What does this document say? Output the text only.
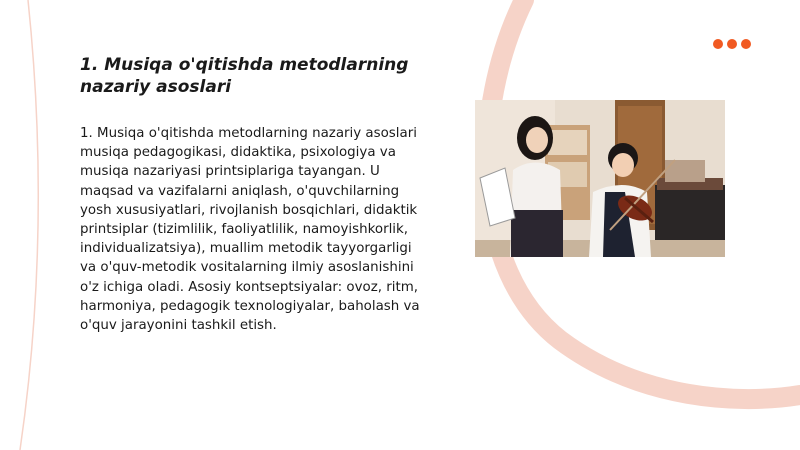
1. Musiqa o'qitishda metodlarning nazariy asoslari

1. Musiqa o'qitishda metodlarning nazariy asoslari musiqa pedagogikasi, didaktika, psixologiya va musiqa nazariyasi printsiplariga tayangan. U maqsad va vazifalarni aniqlash, o'quvchilarning yosh xususiyatlari, rivojlanish bosqichlari, didaktik printsiplar (tizimlilik, faoliyatlilik, namoyishkorlik, individualizatsiya), muallim metodik tayyorgarligi va o'quv-metodik vositalarning ilmiy asoslanishini o'z ichiga oladi. Asosiy kontseptsiyalar: ovoz, ritm, harmoniya, pedagogik texnologiyalar, baholash va o'quv jarayonini tashkil etish.
